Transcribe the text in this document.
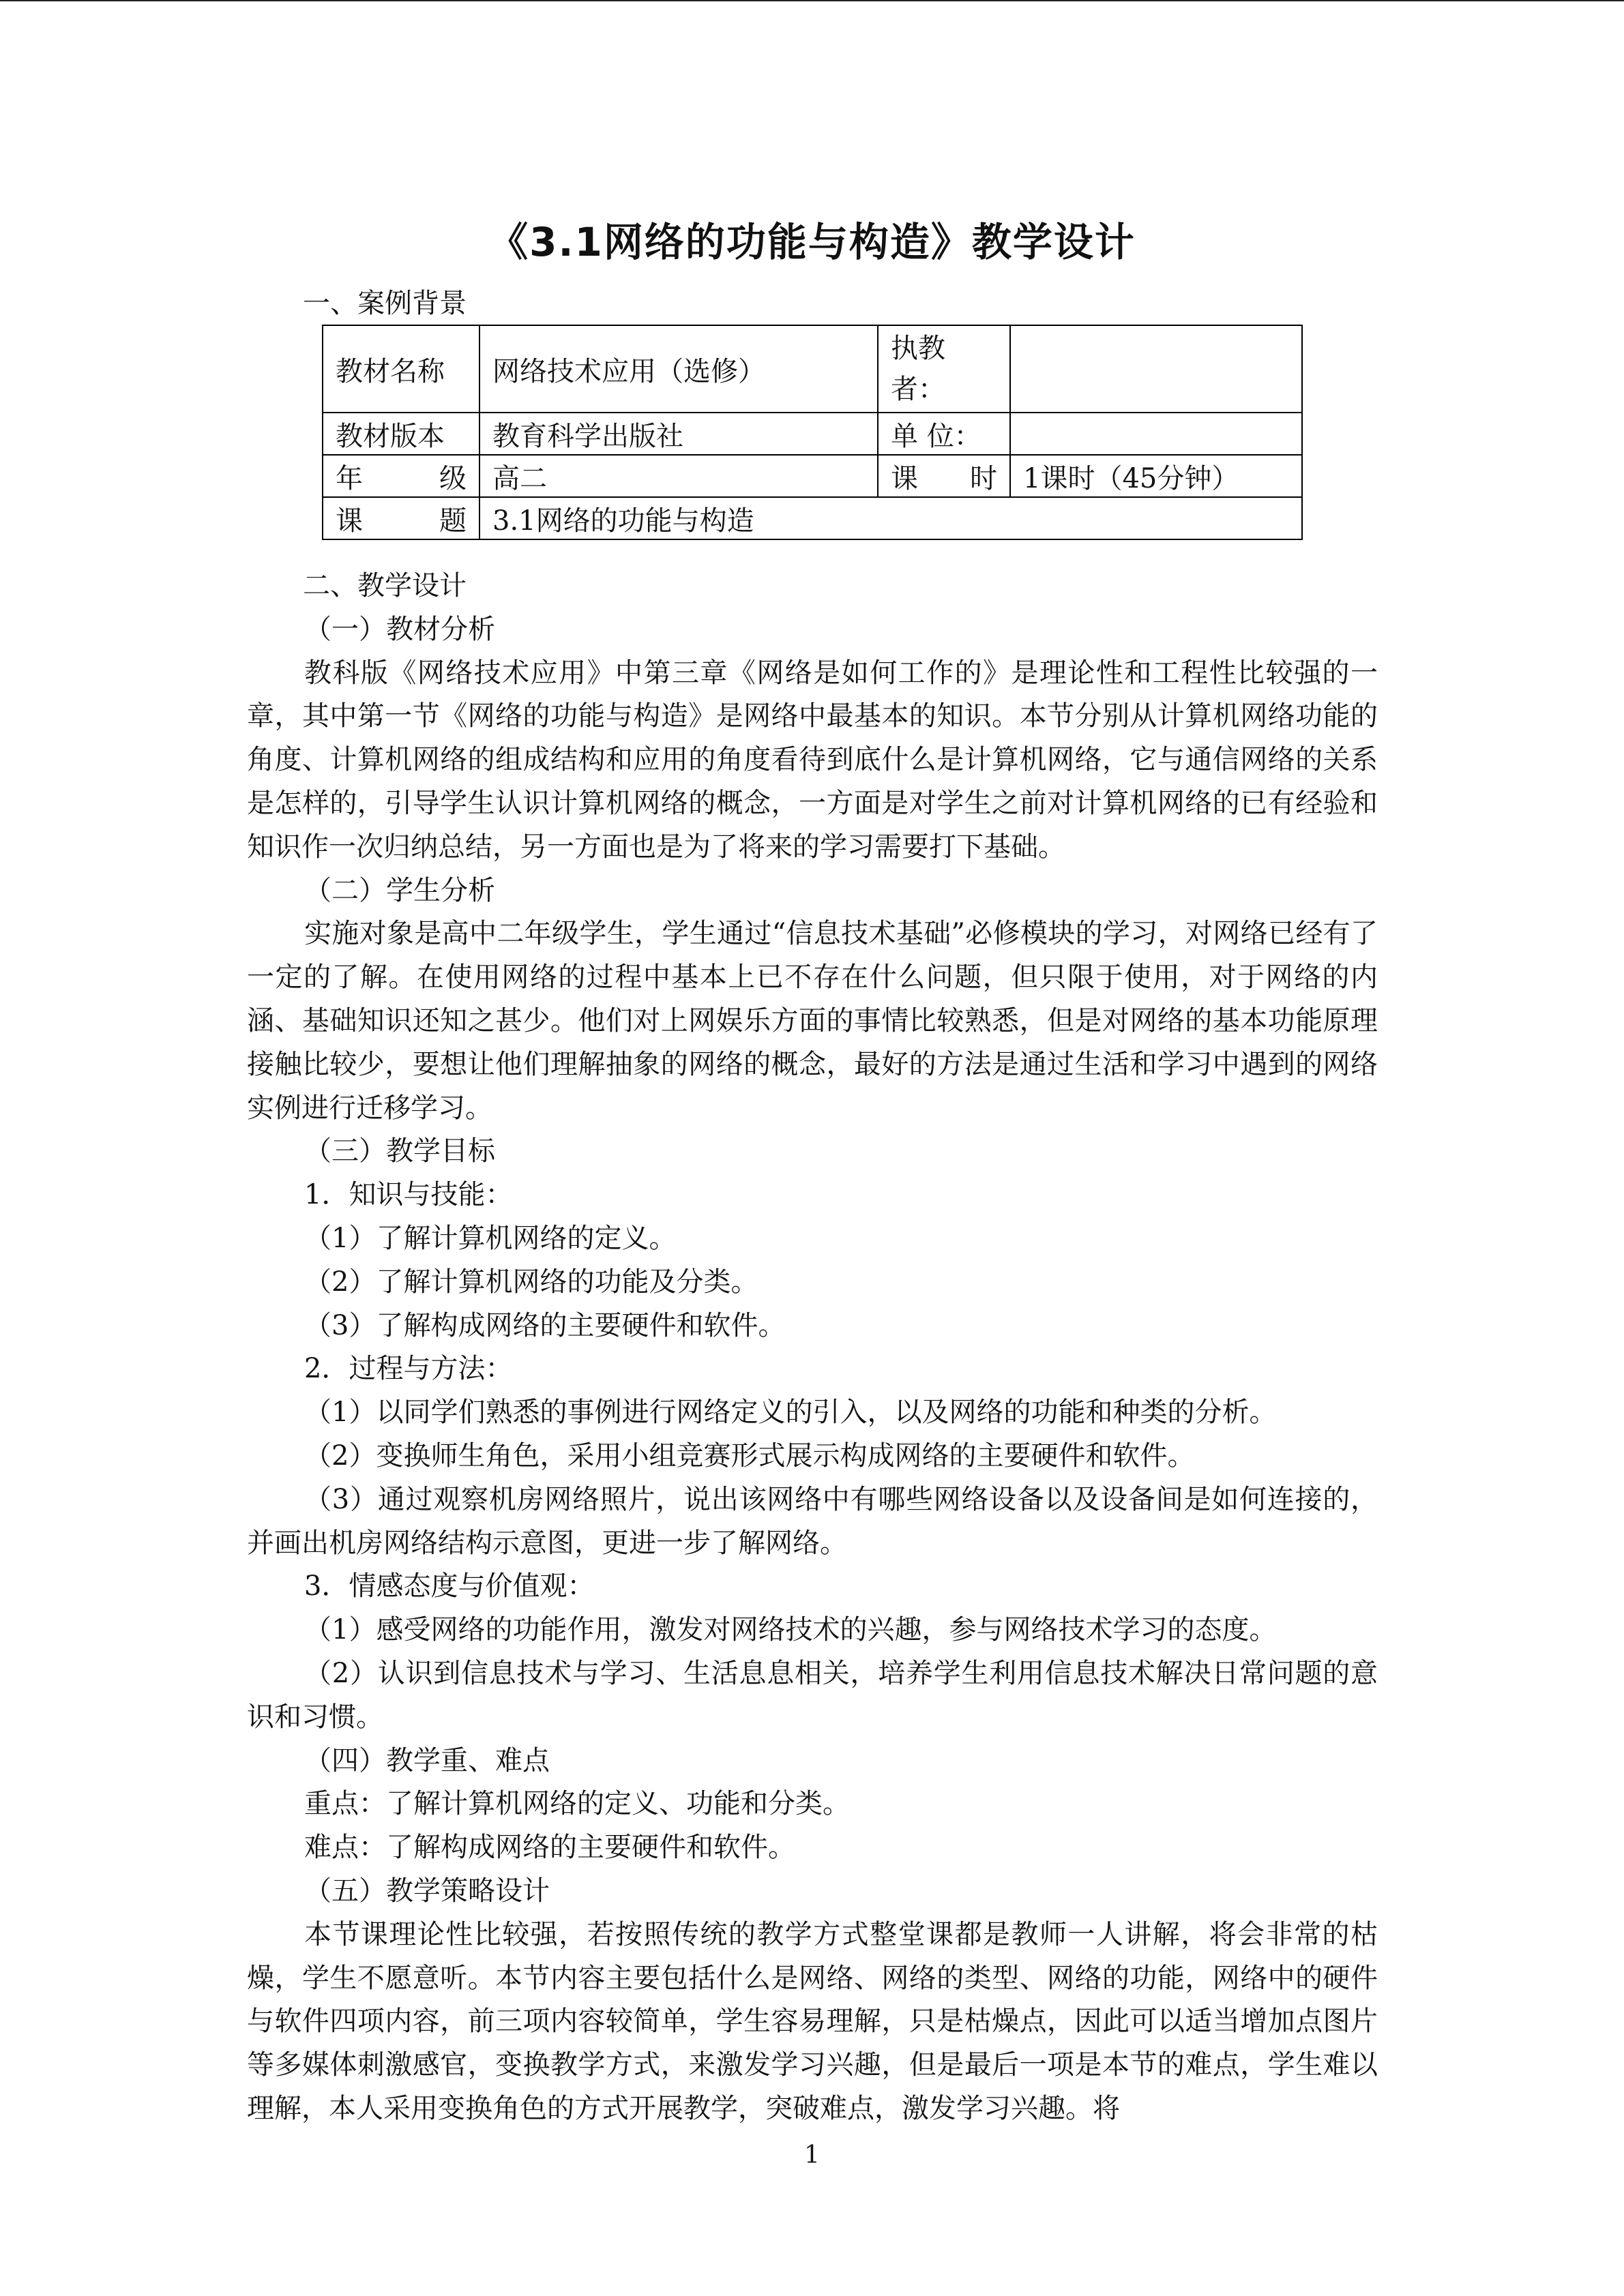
《3.1网络的功能与构造》教学设计
一、案例背景
教材名称	网络技术应用（选修）	执教者：	
教材版本	教育科学出版社	单 位：	

年 级	高二	课 时	1课时（45分钟）

课 题	3.1网络的功能与构造		

二、教学设计

（一）教材分析

教科版《网络技术应用》中第三章《网络是如何工作的》是理论性和工程性比较强的一章，其中第一节《网络的功能与构造》是网络中最基本的知识。本节分别从计算机网络功能的角度、计算机网络的组成结构和应用的角度看待到底什么是计算机网络，它与通信网络的关系是怎样的，引导学生认识计算机网络的概念，一方面是对学生之前对计算机网络的已有经验和知识作一次归纳总结，另一方面也是为了将来的学习需要打下基础。

（二）学生分析

实施对象是高中二年级学生，学生通过“信息技术基础”必修模块的学习，对网络已经有了一定的了解。在使用网络的过程中基本上已不存在什么问题，但只限于使用，对于网络的内涵、基础知识还知之甚少。他们对上网娱乐方面的事情比较熟悉，但是对网络的基本功能原理接触比较少，要想让他们理解抽象的网络的概念，最好的方法是通过生活和学习中遇到的网络实例进行迁移学习。

（三）教学目标

1．知识与技能：

（1）了解计算机网络的定义。

（2）了解计算机网络的功能及分类。

（3）了解构成网络的主要硬件和软件。

2．过程与方法：

（1）以同学们熟悉的事例进行网络定义的引入，以及网络的功能和种类的分析。

（2）变换师生角色，采用小组竞赛形式展示构成网络的主要硬件和软件。

（3）通过观察机房网络照片，说出该网络中有哪些网络设备以及设备间是如何连接的，并画出机房网络结构示意图，更进一步了解网络。

3．情感态度与价值观：

（1）感受网络的功能作用，激发对网络技术的兴趣，参与网络技术学习的态度。

（2）认识到信息技术与学习、生活息息相关，培养学生利用信息技术解决日常问题的意识和习惯。

（四）教学重、难点

重点：了解计算机网络的定义、功能和分类。

难点：了解构成网络的主要硬件和软件。

（五）教学策略设计

本节课理论性比较强，若按照传统的教学方式整堂课都是教师一人讲解，将会非常的枯燥，学生不愿意听。本节内容主要包括什么是网络、网络的类型、网络的功能，网络中的硬件与软件四项内容，前三项内容较简单，学生容易理解，只是枯燥点，因此可以适当增加点图片等多媒体刺激感官，变换教学方式，来激发学习兴趣，但是最后一项是本节的难点，学生难以理解，本人采用变换角色的方式开展教学，突破难点，激发学习兴趣。将

1
